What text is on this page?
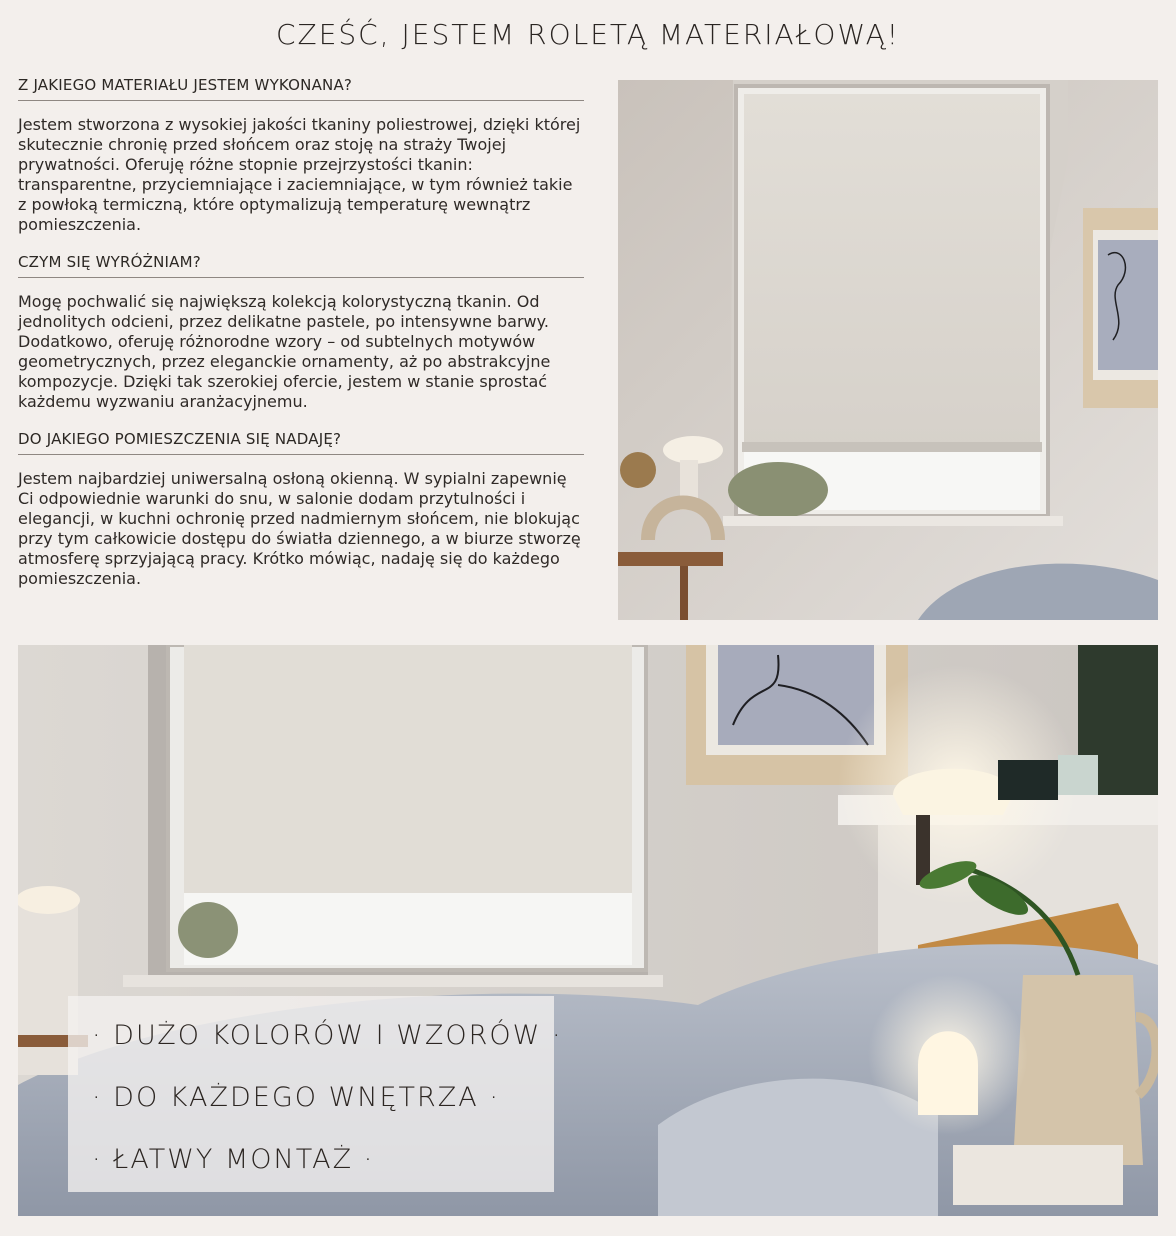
CZEŚĆ, JESTEM ROLETĄ MATERIAŁOWĄ!
Z JAKIEGO MATERIAŁU JESTEM WYKONANA?
Jestem stworzona z wysokiej jakości tkaniny poliestrowej, dzięki której skutecznie chronię przed słońcem oraz stoję na straży Twojej prywatności. Oferuję różne stopnie przejrzystości tkanin: transparentne, przyciemniające i zaciemniające, w tym również takie z powłoką termiczną, które optymalizują temperaturę wewnątrz pomieszczenia.
CZYM SIĘ WYRÓŻNIAM?
Mogę pochwalić się największą kolekcją kolorystyczną tkanin. Od jednolitych odcieni, przez delikatne pastele, po intensywne barwy. Dodatkowo, oferuję różnorodne wzory – od subtelnych motywów geometrycznych, przez eleganckie ornamenty, aż po abstrakcyjne kompozycje. Dzięki tak szerokiej ofercie, jestem w stanie sprostać każdemu wyzwaniu aranżacyjnemu.
DO JAKIEGO POMIESZCZENIA SIĘ NADAJĘ?
Jestem najbardziej uniwersalną osłoną okienną. W sypialni zapewnię Ci odpowiednie warunki do snu, w salonie dodam przytulności i elegancji, w kuchni ochronię przed nadmiernym słońcem, nie blokując przy tym całkowicie dostępu do światła dziennego, a w biurze stworzę atmosferę sprzyjającą pracy. Krótko mówiąc, nadaję się do każdego pomieszczenia.
· DUŻO KOLORÓW I WZORÓW ·
· DO KAŻDEGO WNĘTRZA ·
· ŁATWY MONTAŻ ·
